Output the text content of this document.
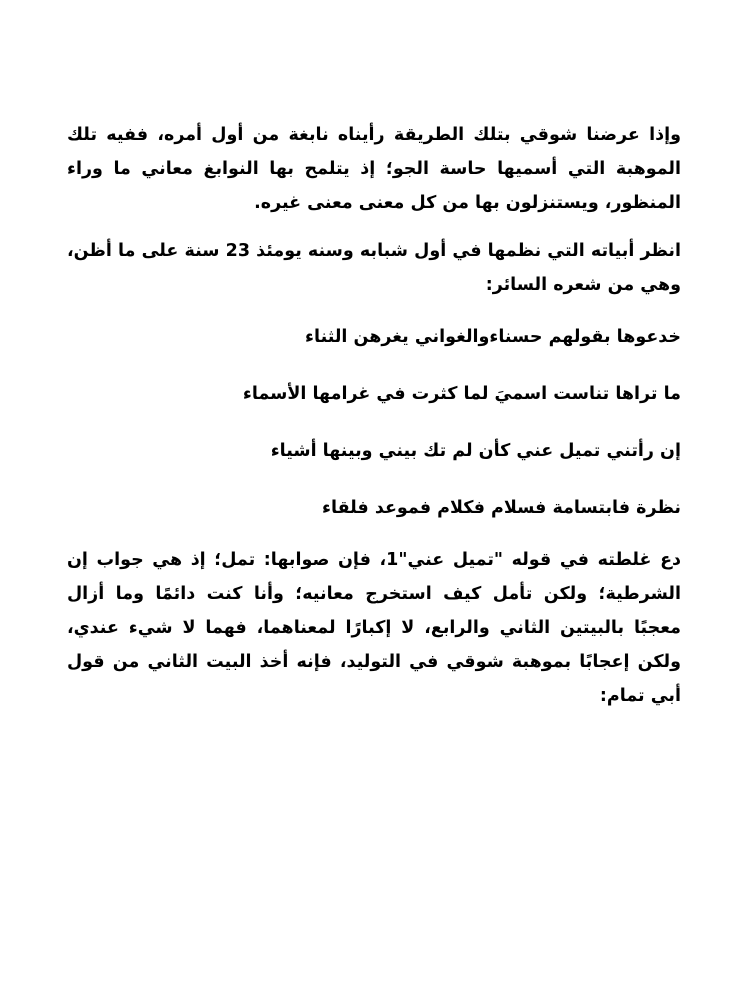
وإذا عرضنا شوقي بتلك الطريقة رأيناه نابغة من أول أمره، ففيه تلك الموهبة التي أسميها حاسة الجو؛ إذ يتلمح بها النوابغ معاني ما وراء المنظور، ويستنزلون بها من كل معنى معنى غيره.

انظر أبياته التي نظمها في أول شبابه وسنه يومئذ 23 سنة على ما أظن، وهي من شعره السائر:

خدعوها بقولهم حسناءوالغواني يغرهن الثناء

ما تراها تناست اسميَ لما كثرت في غرامها الأسماء

إن رأتني تميل عني كأن لم تك بيني وبينها أشياء

نظرة فابتسامة فسلام فكلام فموعد فلقاء

دع غلطته في قوله "تميل عني"1، فإن صوابها: تمل؛ إذ هي جواب إن الشرطية؛ ولكن تأمل كيف استخرج معانيه؛ وأنا كنت دائمًا وما أزال معجبًا بالبيتين الثاني والرابع، لا إكبارًا لمعناهما، فهما لا شيء عندي، ولكن إعجابًا بموهبة شوقي في التوليد، فإنه أخذ البيت الثاني من قول أبي تمام:
